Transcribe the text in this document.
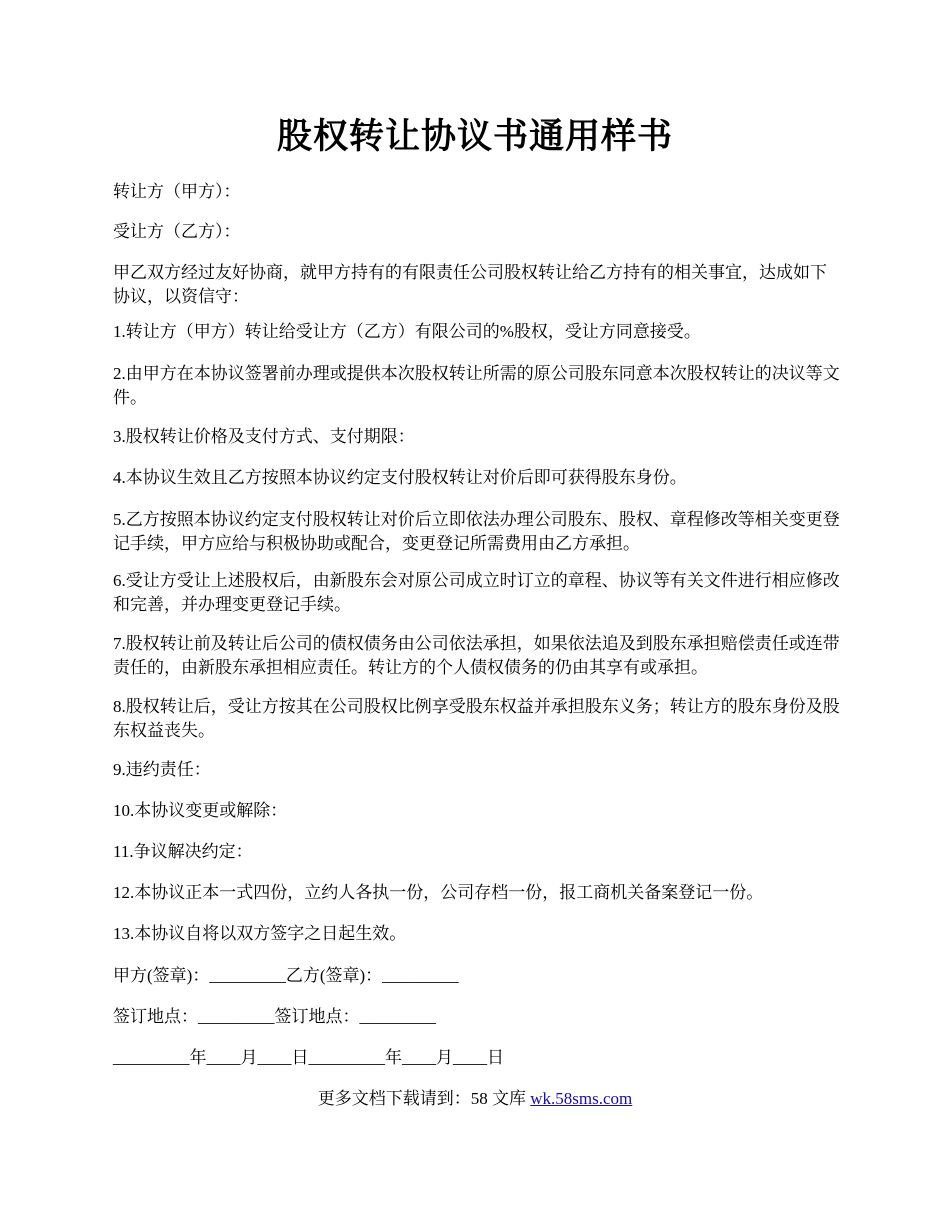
股权转让协议书通用样书

转让方（甲方）：

受让方（乙方）：

甲乙双方经过友好协商，就甲方持有的有限责任公司股权转让给乙方持有的相关事宜，达成如下协议，以资信守：

1.转让方（甲方）转让给受让方（乙方）有限公司的%股权，受让方同意接受。

2.由甲方在本协议签署前办理或提供本次股权转让所需的原公司股东同意本次股权转让的决议等文件。

3.股权转让价格及支付方式、支付期限：

4.本协议生效且乙方按照本协议约定支付股权转让对价后即可获得股东身份。

5.乙方按照本协议约定支付股权转让对价后立即依法办理公司股东、股权、章程修改等相关变更登记手续，甲方应给与积极协助或配合，变更登记所需费用由乙方承担。

6.受让方受让上述股权后，由新股东会对原公司成立时订立的章程、协议等有关文件进行相应修改和完善，并办理变更登记手续。

7.股权转让前及转让后公司的债权债务由公司依法承担，如果依法追及到股东承担赔偿责任或连带责任的，由新股东承担相应责任。转让方的个人债权债务的仍由其享有或承担。

8.股权转让后，受让方按其在公司股权比例享受股东权益并承担股东义务；转让方的股东身份及股东权益丧失。

9.违约责任：

10.本协议变更或解除：

11.争议解决约定：

12.本协议正本一式四份，立约人各执一份，公司存档一份，报工商机关备案登记一份。

13.本协议自将以双方签字之日起生效。

甲方(签章)：_________乙方(签章)：_________

签订地点：_________签订地点：_________

_________年____月____日_________年____月____日

更多文档下载请到：58 文库 wk.58sms.com
